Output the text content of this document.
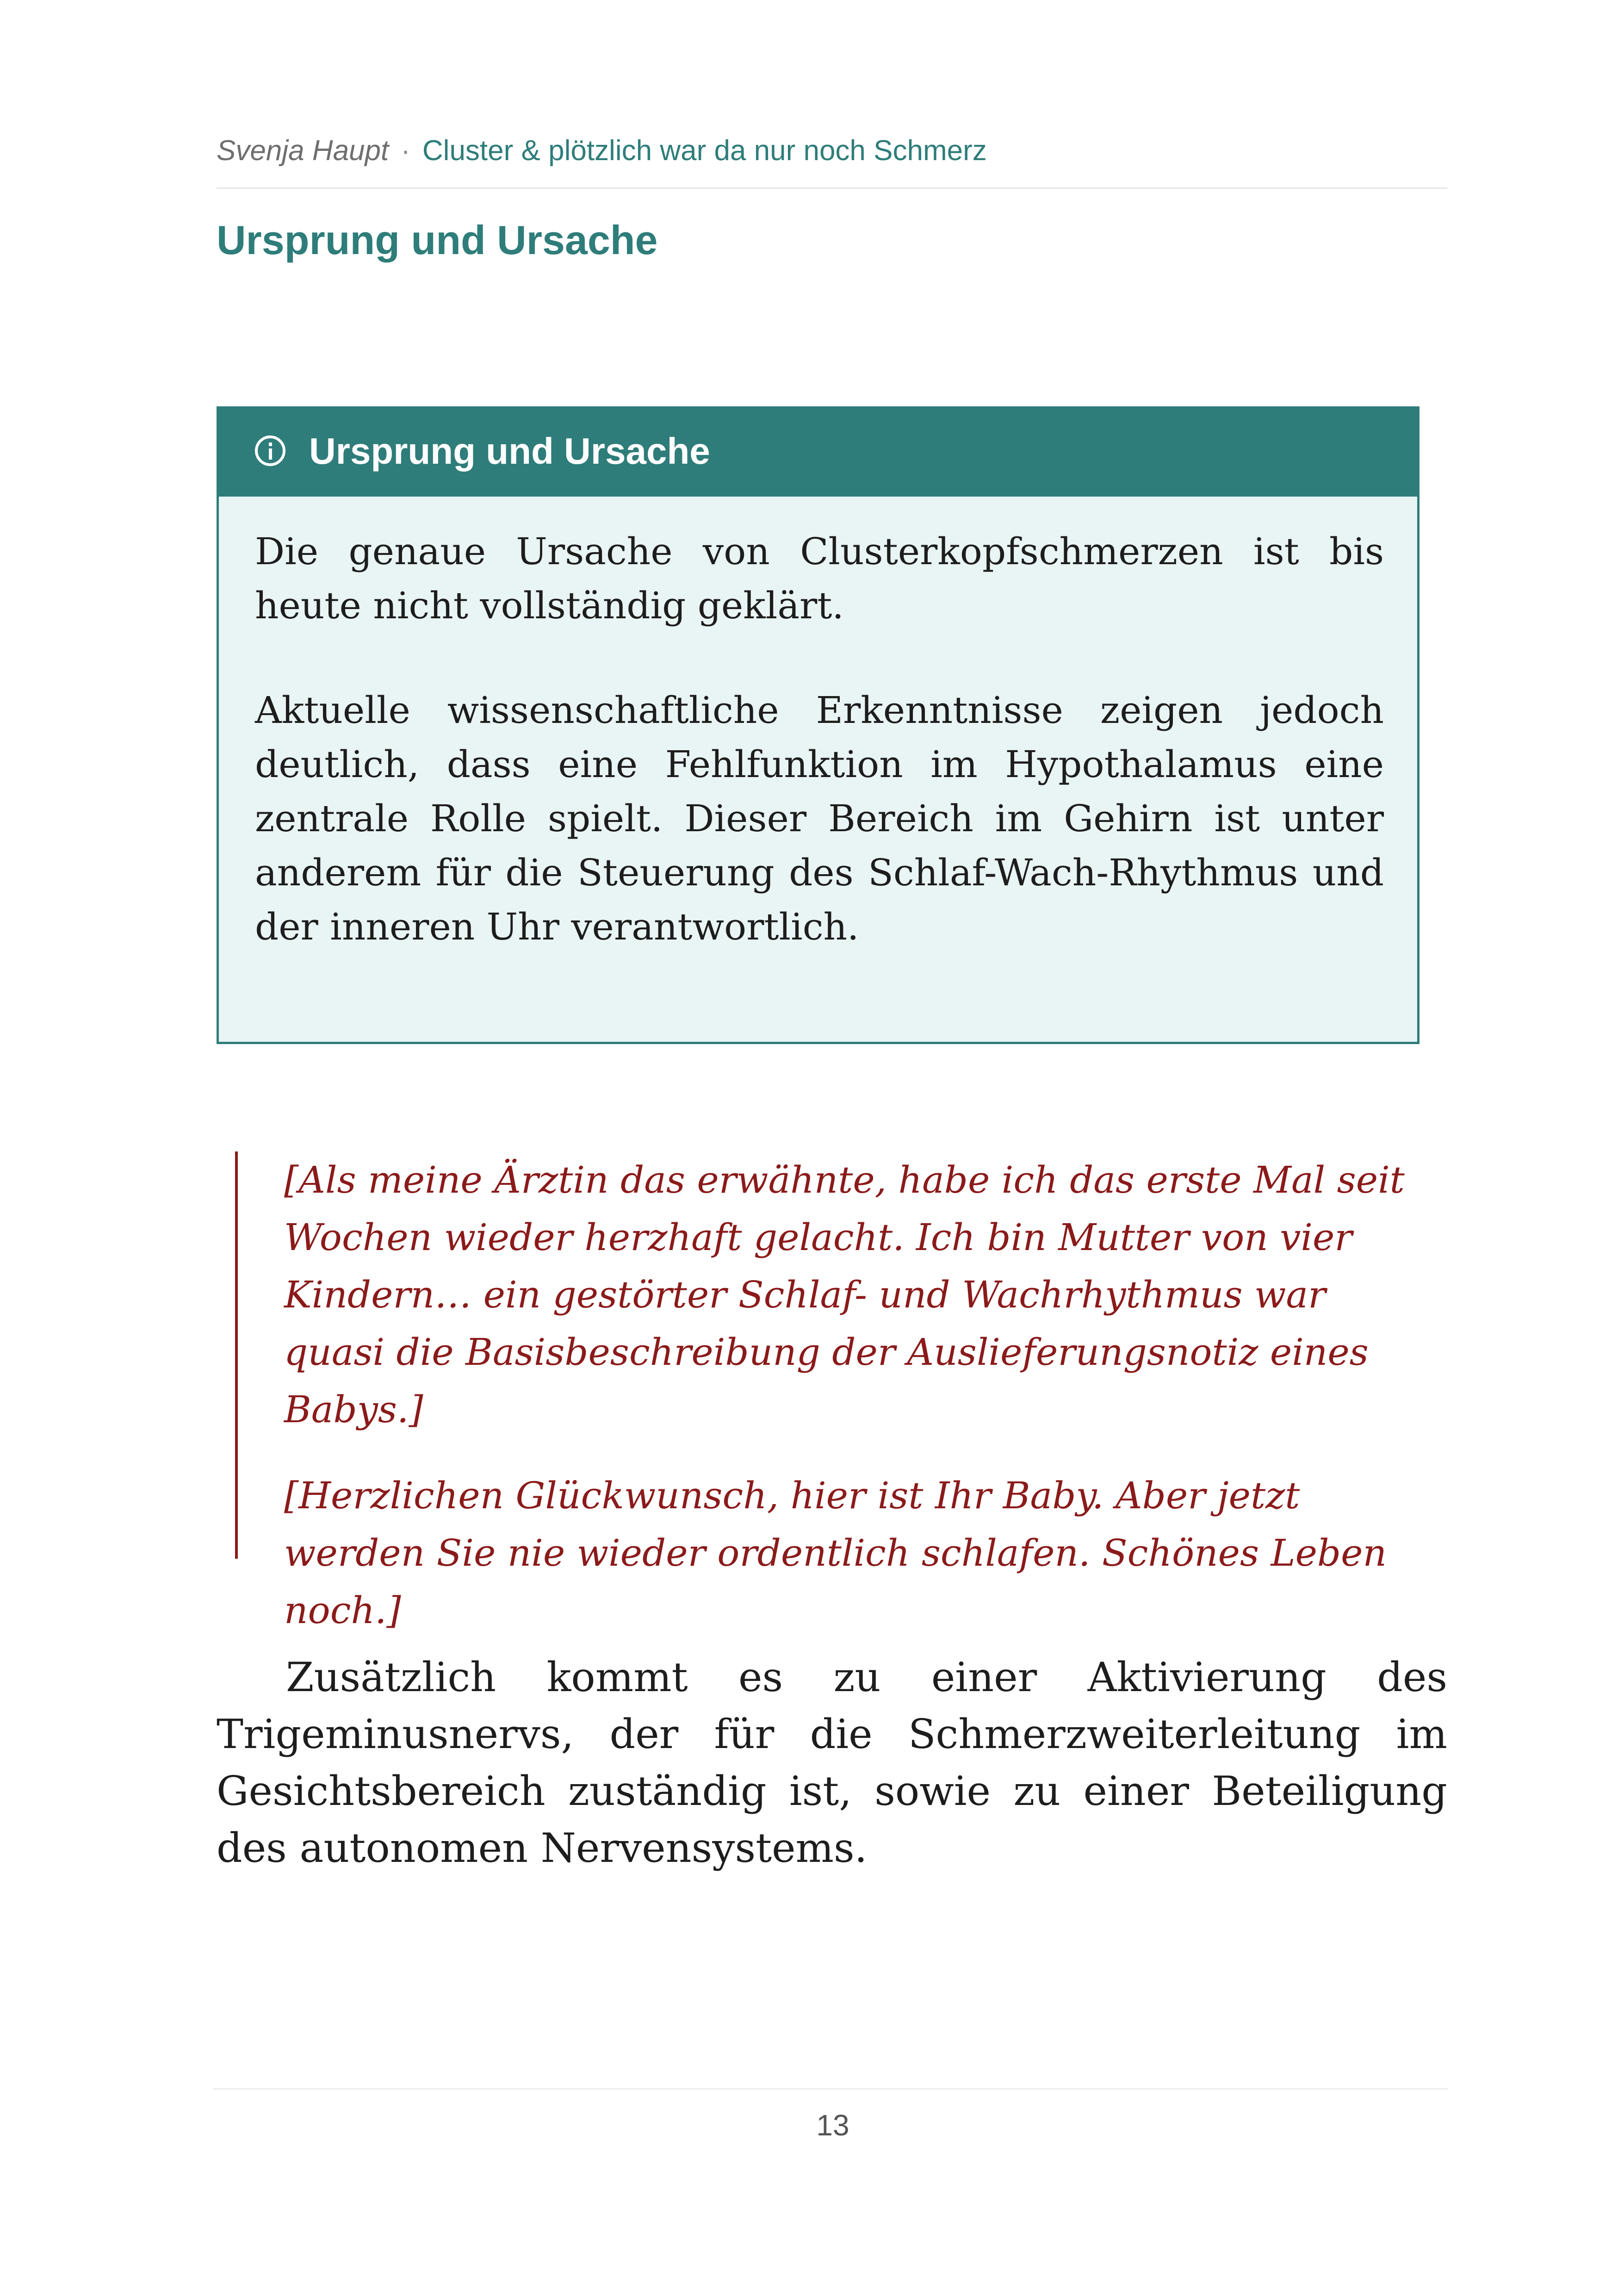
Svenja Haupt · Cluster & plötzlich war da nur noch Schmerz
Ursprung und Ursache
Ursprung und Ursache

Die genaue Ursache von Clusterkopfschmerzen ist bis heute nicht vollständig geklärt.

Aktuelle wissenschaftliche Erkenntnisse zeigen jedoch deutlich, dass eine Fehlfunktion im Hypothalamus eine zentrale Rolle spielt. Dieser Bereich im Gehirn ist unter anderem für die Steuerung des Schlaf-Wach-Rhythmus und der inneren Uhr verantwortlich.

[Als meine Ärztin das erwähnte, habe ich das erste Mal seit Wochen wieder herzhaft gelacht. Ich bin Mutter von vier Kindern… ein gestörter Schlaf- und Wachrhythmus war quasi die Basisbeschreibung der Auslieferungsnotiz eines Babys.]

[Herzlichen Glückwunsch, hier ist Ihr Baby. Aber jetzt werden Sie nie wieder ordentlich schlafen. Schönes Leben noch.]

Zusätzlich kommt es zu einer Aktivierung des Trigeminusnervs, der für die Schmerzweiterleitung im Gesichtsbereich zuständig ist, sowie zu einer Beteiligung des autonomen Nervensystems.
13
